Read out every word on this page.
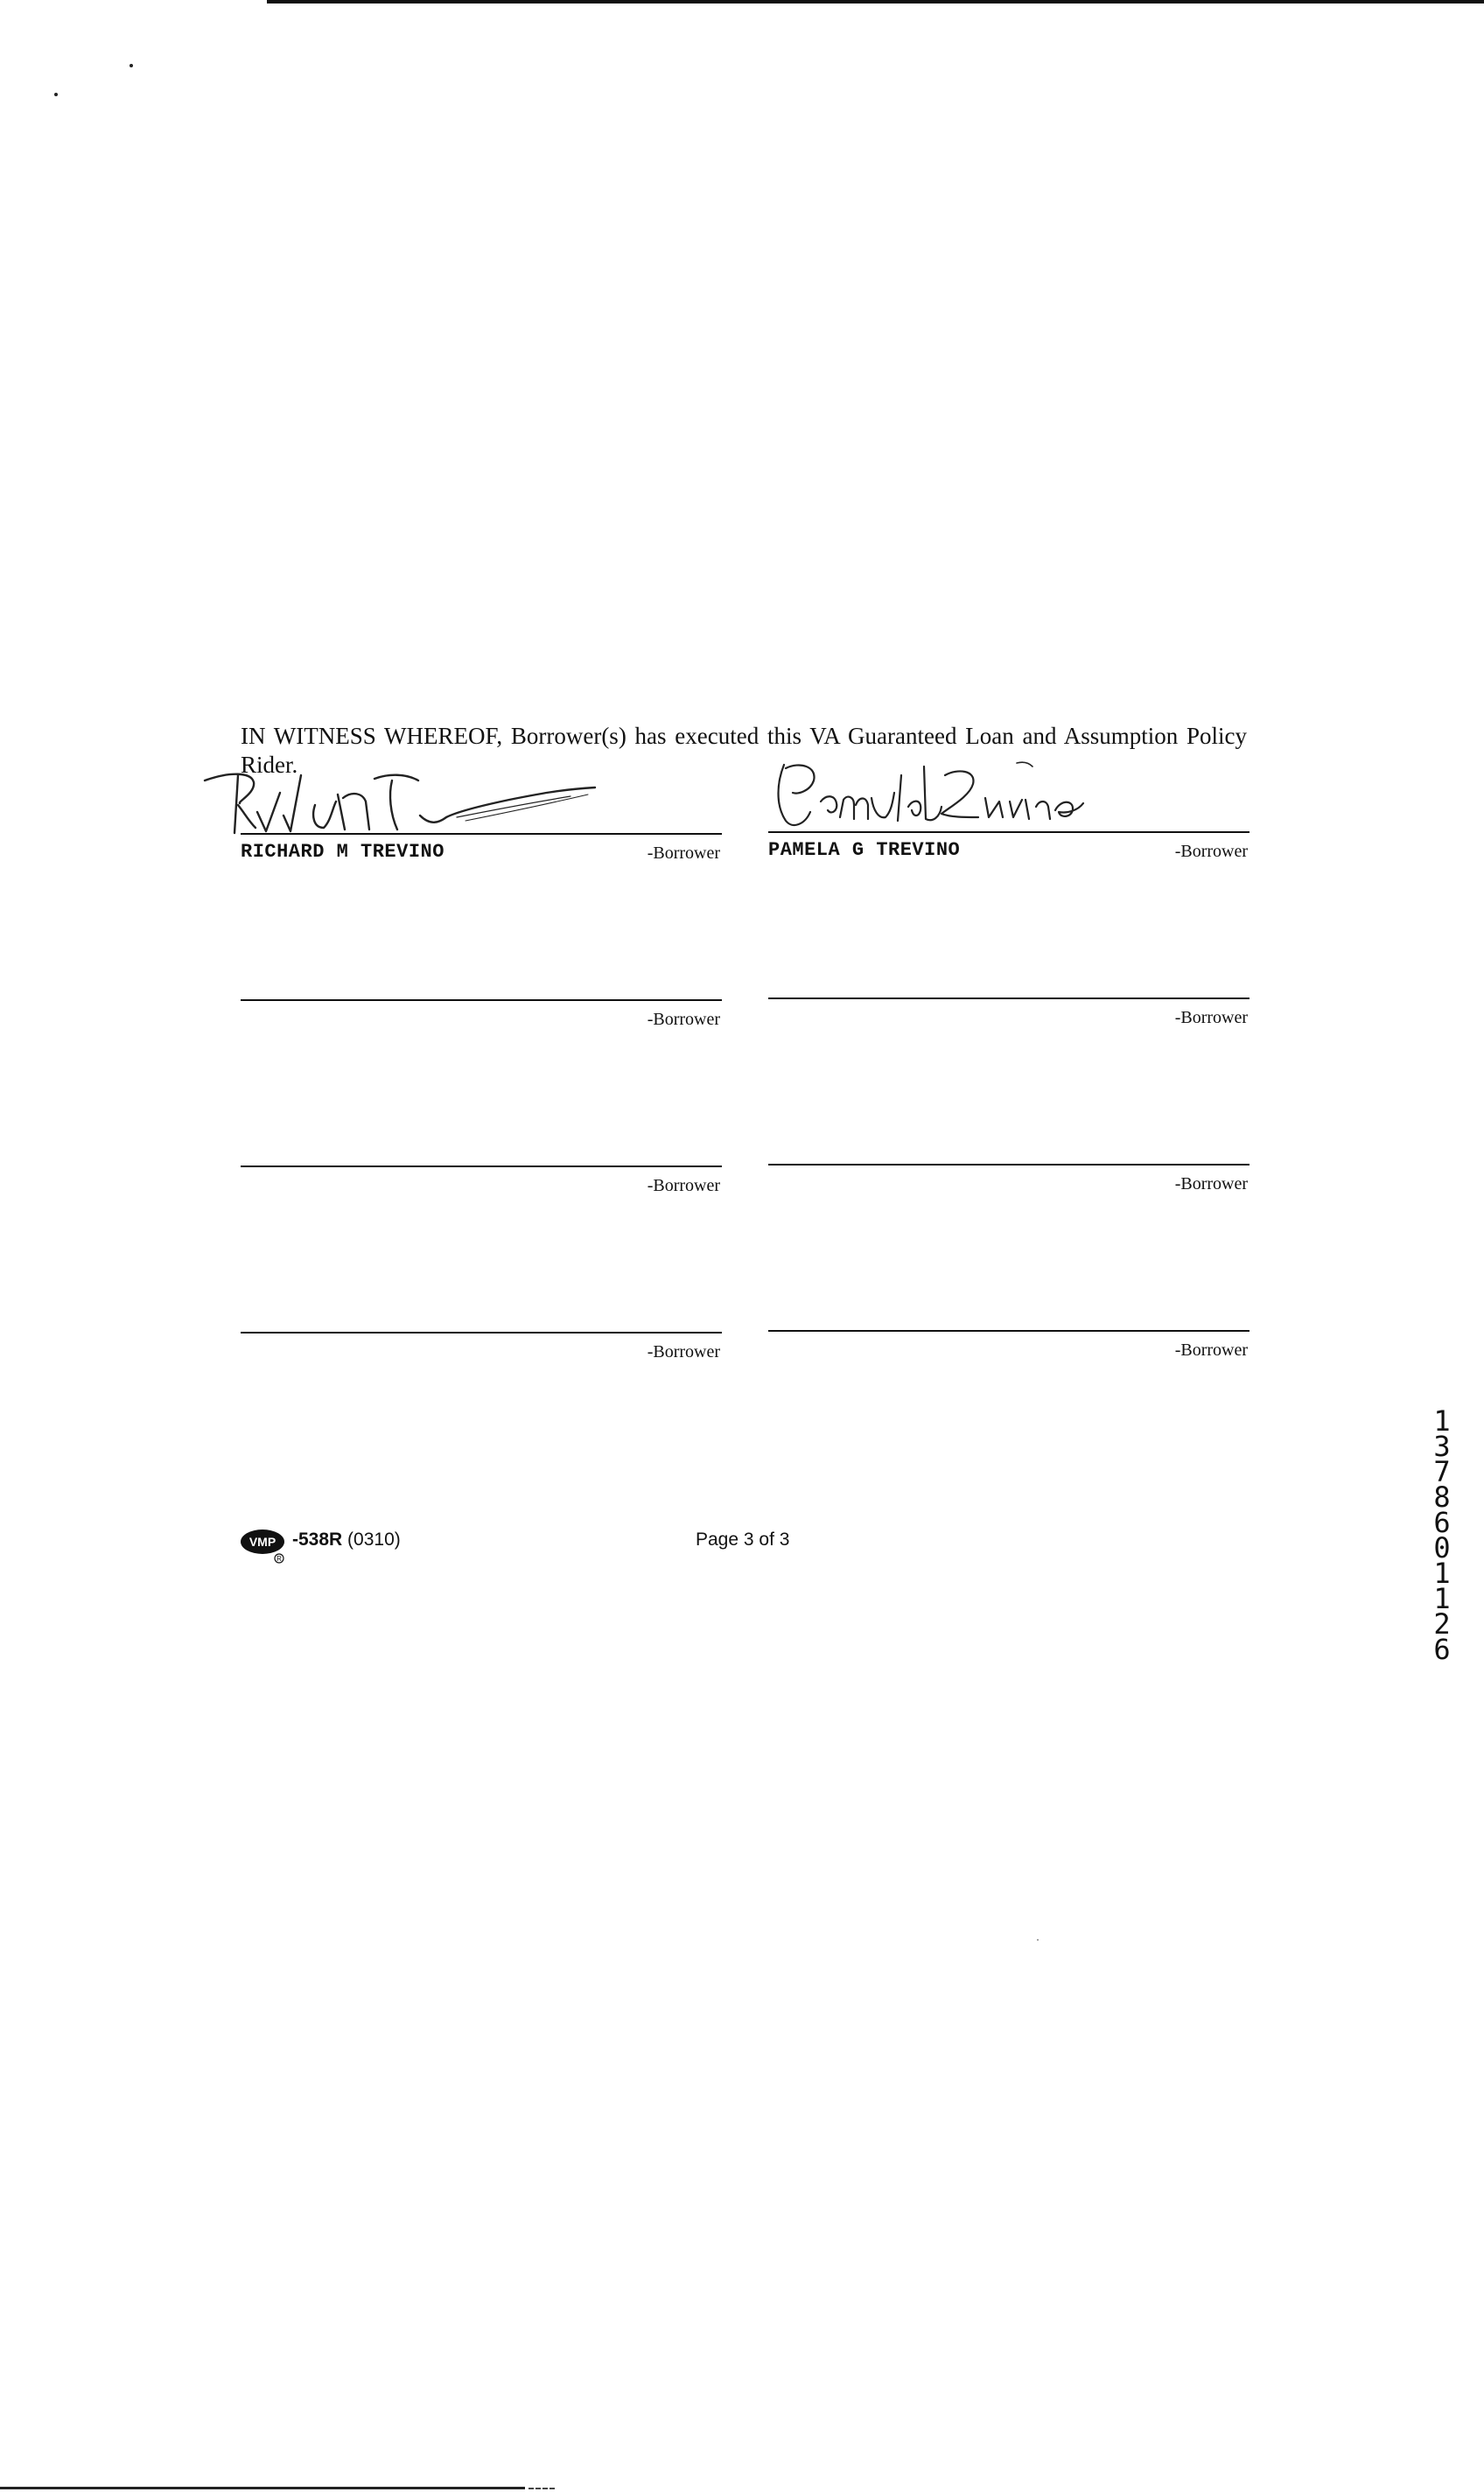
IN WITNESS WHEREOF, Borrower(s) has executed this VA Guaranteed Loan and Assumption Policy Rider.

RICHARD M TREVINO	-Borrower	PAMELA G TREVINO	-Borrower
-Borrower	-Borrower
-Borrower	-Borrower
-Borrower	-Borrower
VMP
R
-538R (0310)	Page 3 of 3
1
3
7
8
6
0
1
1
2
6
